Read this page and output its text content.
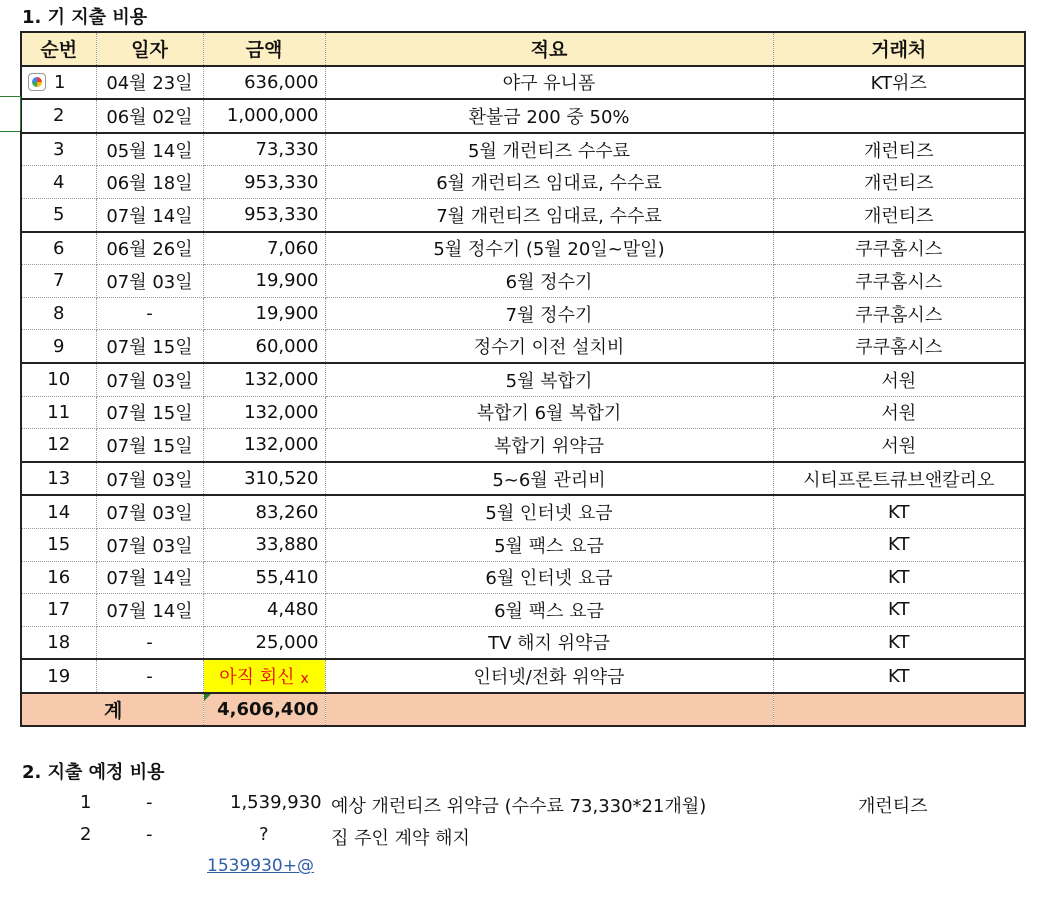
1. 기 지출 비용
순번	일자	금액	적요	거래처

1	04월 23일	636,000	야구 유니폼	KT위즈
2	06월 02일	1,000,000	환불금 200 중 50%	
3	05월 14일	73,330	5월 개런티즈 수수료	개런티즈
4	06월 18일	953,330	6월 개런티즈 임대료, 수수료	개런티즈
5	07월 14일	953,330	7월 개런티즈 임대료, 수수료	개런티즈
6	06월 26일	7,060	5월 정수기 (5월 20일~말일)	쿠쿠홈시스
7	07월 03일	19,900	6월 정수기	쿠쿠홈시스
8	-	19,900	7월 정수기	쿠쿠홈시스
9	07월 15일	60,000	정수기 이전 설치비	쿠쿠홈시스
10	07월 03일	132,000	5월 복합기	서원
11	07월 15일	132,000	복합기 6월 복합기	서원
12	07월 15일	132,000	복합기 위약금	서원
13	07월 03일	310,520	5~6월 관리비	시티프론트큐브앤칼리오
14	07월 03일	83,260	5월 인터넷 요금	KT
15	07월 03일	33,880	5월 팩스 요금	KT
16	07월 14일	55,410	6월 인터넷 요금	KT
17	07월 14일	4,480	6월 팩스 요금	KT
18	-	25,000	TV 해지 위약금	KT
19	-	아직 회신 x	인터넷/전화 위약금	KT
계		4,606,400		
2. 지출 예정 비용
1	-	1,539,930 예상 개런티즈 위약금 (수수료 73,330*21개월)	개런티즈
2	-	?	집 주인 계약 해지
1539930+@
